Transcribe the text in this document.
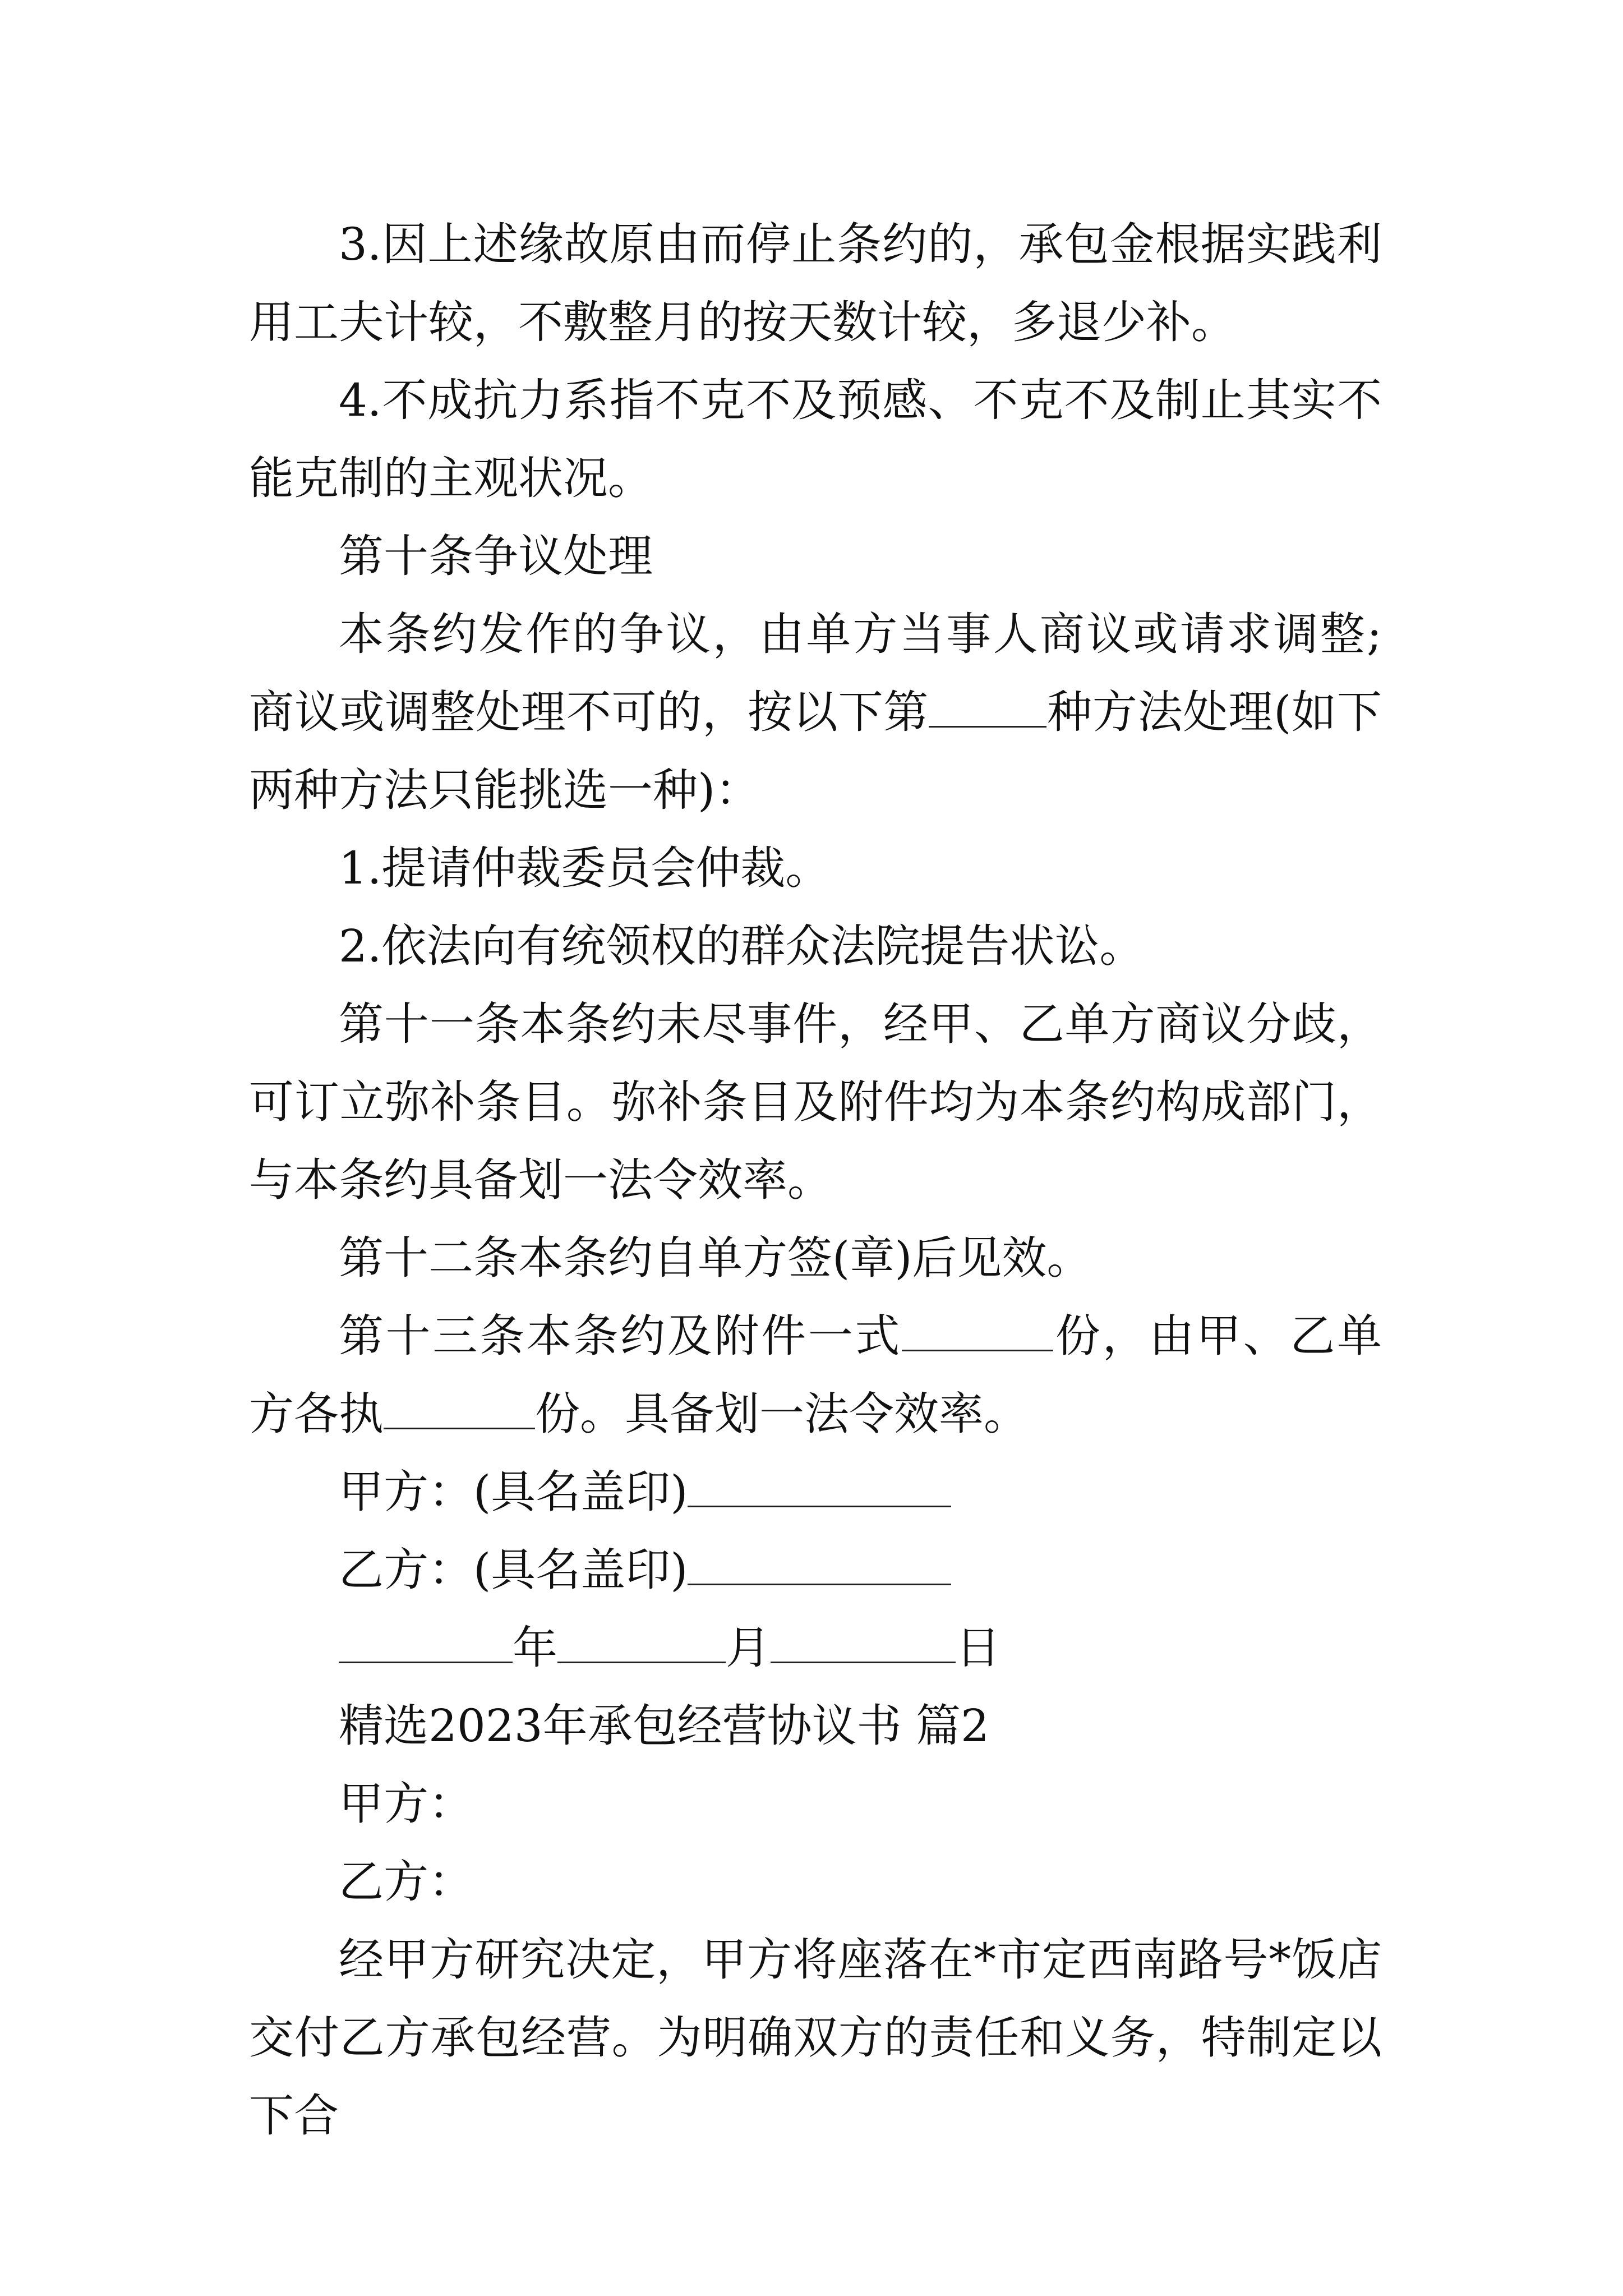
3.因上述缘故原由而停止条约的，承包金根据实践利用工夫计较，不敷整月的按天数计较，多退少补。

4.不成抗力系指不克不及预感、不克不及制止其实不能克制的主观状况。

第十条争议处理

本条约发作的争议，由单方当事人商议或请求调整;商议或调整处理不可的，按以下第	种方法处理(如下两种方法只能挑选一种)：

1.提请仲裁委员会仲裁。

2.依法向有统领权的群众法院提告状讼。

第十一条本条约未尽事件，经甲、乙单方商议分歧，可订立弥补条目。弥补条目及附件均为本条约构成部门，与本条约具备划一法令效率。

第十二条本条约自单方签(章)后见效。

第十三条本条约及附件一式	份，由甲、乙单方各执	份。具备划一法令效率。

甲方：(具名盖印)

乙方：(具名盖印)

年	月	日

精选2023年承包经营协议书 篇2

甲方：

乙方：

经甲方研究决定，甲方将座落在*市定西南路号*饭店交付乙方承包经营。为明确双方的责任和义务，特制定以下合
